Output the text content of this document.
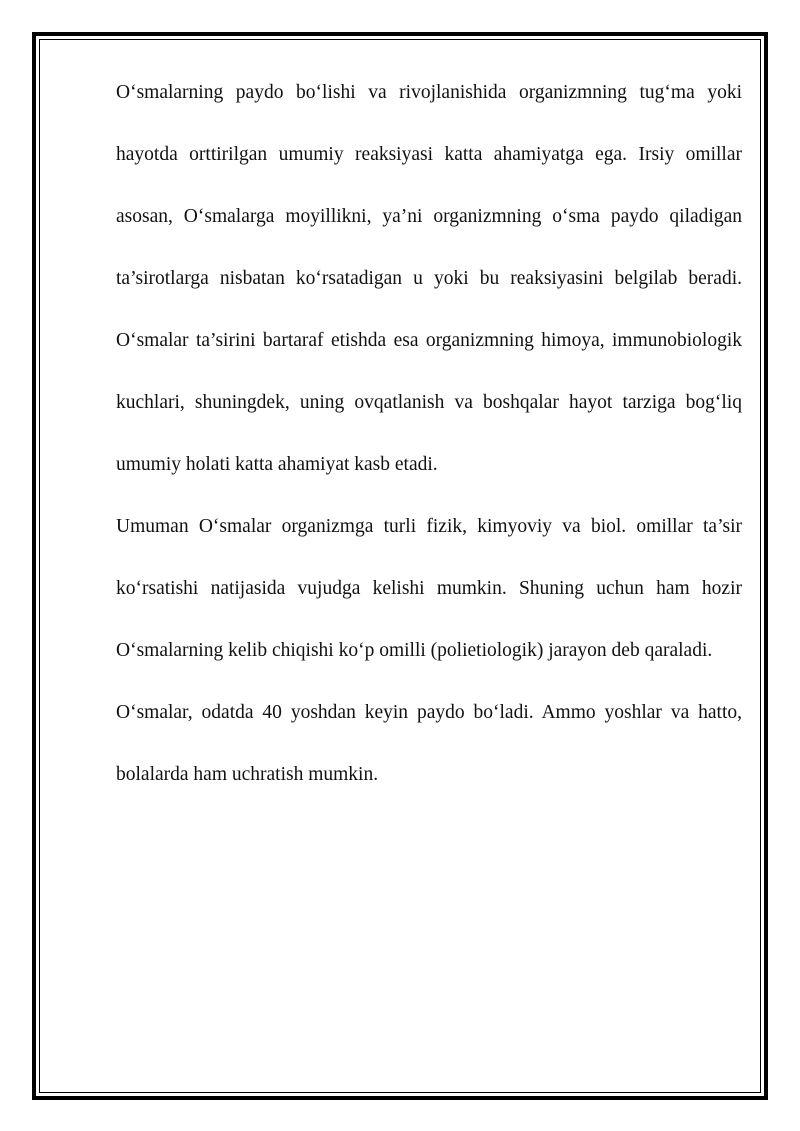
O‘smalarning paydo bo‘lishi va rivojlanishida organizmning tug‘ma yoki hayotda orttirilgan umumiy reaksiyasi katta ahamiyatga ega. Irsiy omillar asosan, O‘smalarga moyillikni, ya’ni organizmning o‘sma paydo qiladigan ta’sirotlarga nisbatan ko‘rsatadigan u yoki bu reaksiyasini belgilab beradi. O‘smalar ta’sirini bartaraf etishda esa organizmning himoya, immunobiologik kuchlari, shuningdek, uning ovqatlanish va boshqalar hayot tarziga bog‘liq umumiy holati katta ahamiyat kasb etadi.

Umuman O‘smalar organizmga turli fizik, kimyoviy va biol. omillar ta’sir ko‘rsatishi natijasida vujudga kelishi mumkin. Shuning uchun ham hozir O‘smalarning kelib chiqishi ko‘p omilli (polietiologik) jarayon deb qaraladi.

O‘smalar, odatda 40 yoshdan keyin paydo bo‘ladi. Ammo yoshlar va hatto, bolalarda ham uchratish mumkin.
